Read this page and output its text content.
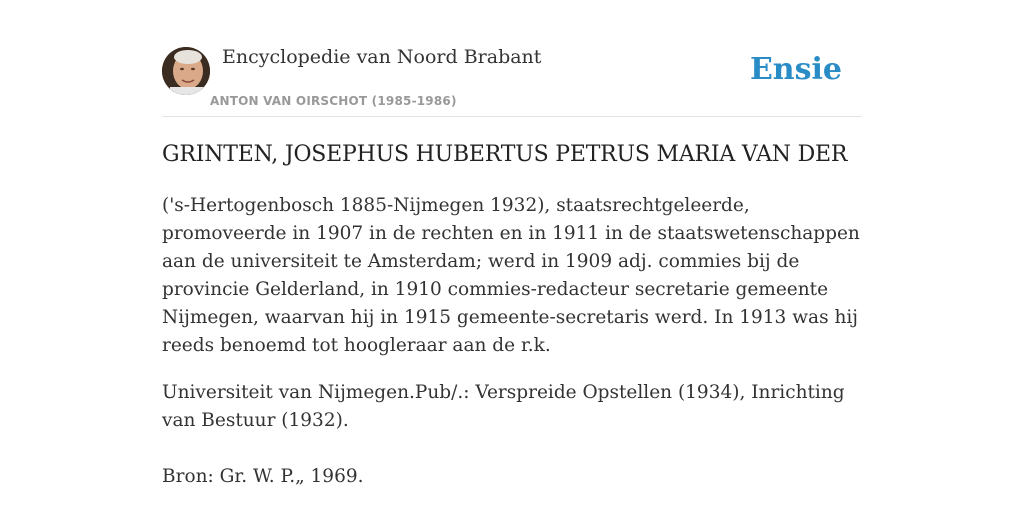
Encyclopedie van Noord Brabant
ANTON VAN OIRSCHOT (1985-1986)
Ensie
GRINTEN, JOSEPHUS HUBERTUS PETRUS MARIA VAN DER

('s-Hertogenbosch 1885-Nijmegen 1932), staatsrechtgeleerde, promoveerde in 1907 in de rechten en in 1911 in de staatswetenschappen aan de universiteit te Amsterdam; werd in 1909 adj. commies bij de provincie Gelderland, in 1910 commies-redacteur secretarie gemeente Nijmegen, waarvan hij in 1915 gemeente-secretaris werd. In 1913 was hij reeds benoemd tot hoogleraar aan de r.k.

Universiteit van Nijmegen.Pub/.: Verspreide Opstellen (1934), Inrichting van Bestuur (1932).

Bron: Gr. W. P.„ 1969.
